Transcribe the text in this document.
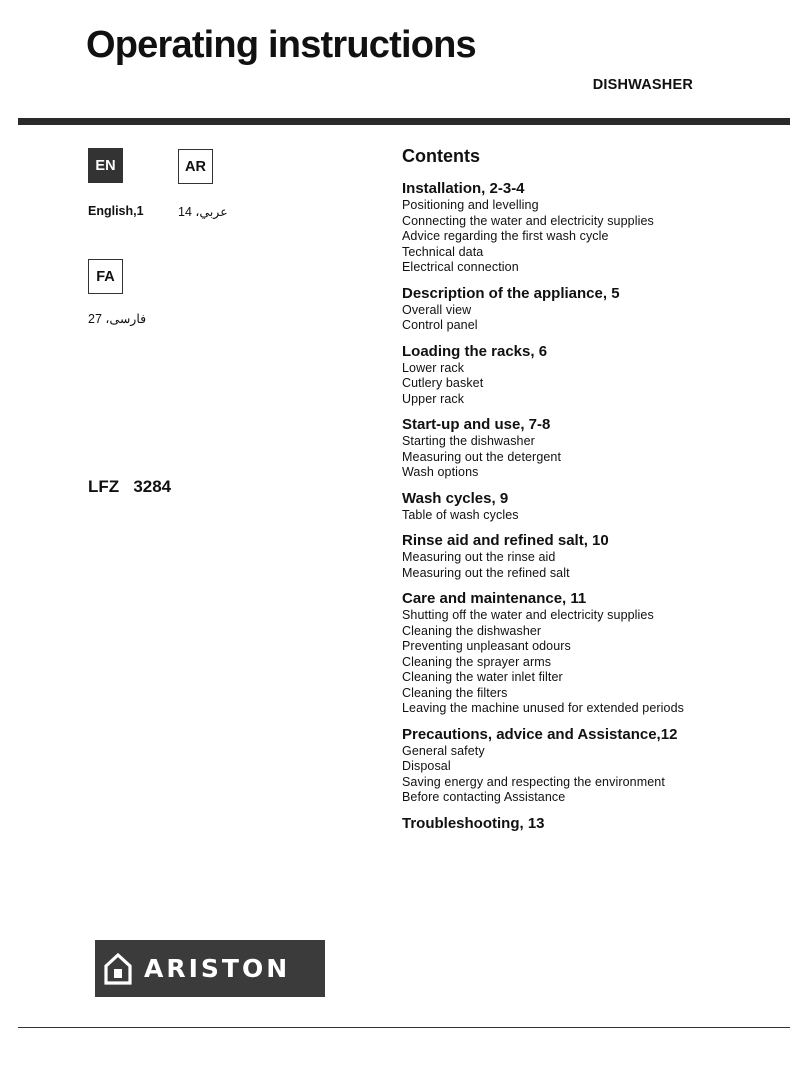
Operating instructions
DISHWASHER
EN
English,1
AR
عربي، 14
FA
فارسی، 27
LFZ   3284
Contents
Installation, 2-3-4
Positioning and levelling
Connecting the water and electricity supplies
Advice regarding the first wash cycle
Technical data
Electrical connection
Description of the appliance, 5
Overall view
Control panel
Loading the racks, 6
Lower rack
Cutlery basket
Upper rack
Start-up and use, 7-8
Starting the dishwasher
Measuring out the detergent
Wash options
Wash cycles, 9
Table of wash cycles
Rinse aid and refined salt, 10
Measuring out the rinse aid
Measuring out the refined salt
Care and maintenance, 11
Shutting off the water and electricity supplies
Cleaning the dishwasher
Preventing unpleasant odours
Cleaning the sprayer arms
Cleaning the water inlet filter
Cleaning the filters
Leaving the machine unused for extended periods
Precautions, advice and Assistance,12
General safety
Disposal
Saving energy and respecting the environment
Before contacting Assistance
Troubleshooting, 13
ARISTON
